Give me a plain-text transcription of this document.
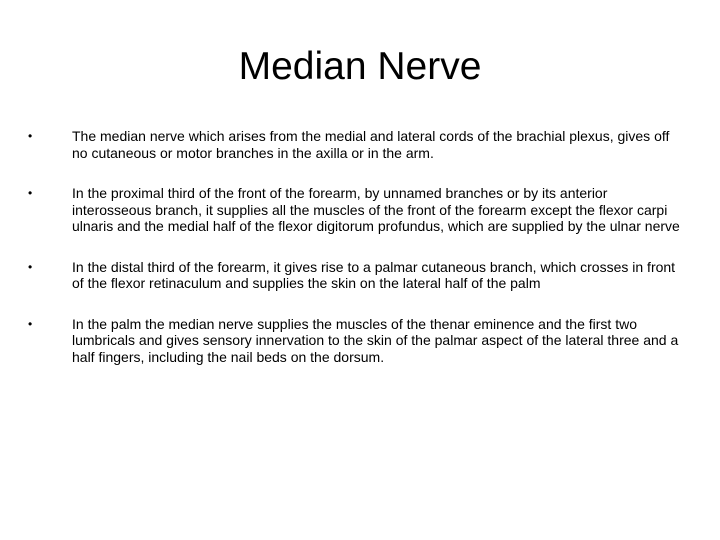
Median Nerve
•	The median nerve which arises from the medial and lateral cords of the brachial plexus, gives off no cutaneous or motor branches in the axilla or in the arm.
•	In the proximal third of the front of the forearm, by unnamed branches or by its anterior interosseous branch, it supplies all the muscles of the front of the forearm except the flexor carpi ulnaris and the medial half of the flexor digitorum profundus, which are supplied by the ulnar nerve
•	In the distal third of the forearm, it gives rise to a palmar cutaneous branch, which crosses in front of the flexor retinaculum and supplies the skin on the lateral half of the palm
•	In the palm the median nerve supplies the muscles of the thenar eminence and the first two lumbricals and gives sensory innervation to the skin of the palmar aspect of the lateral three and a half fingers, including the nail beds on the dorsum.
